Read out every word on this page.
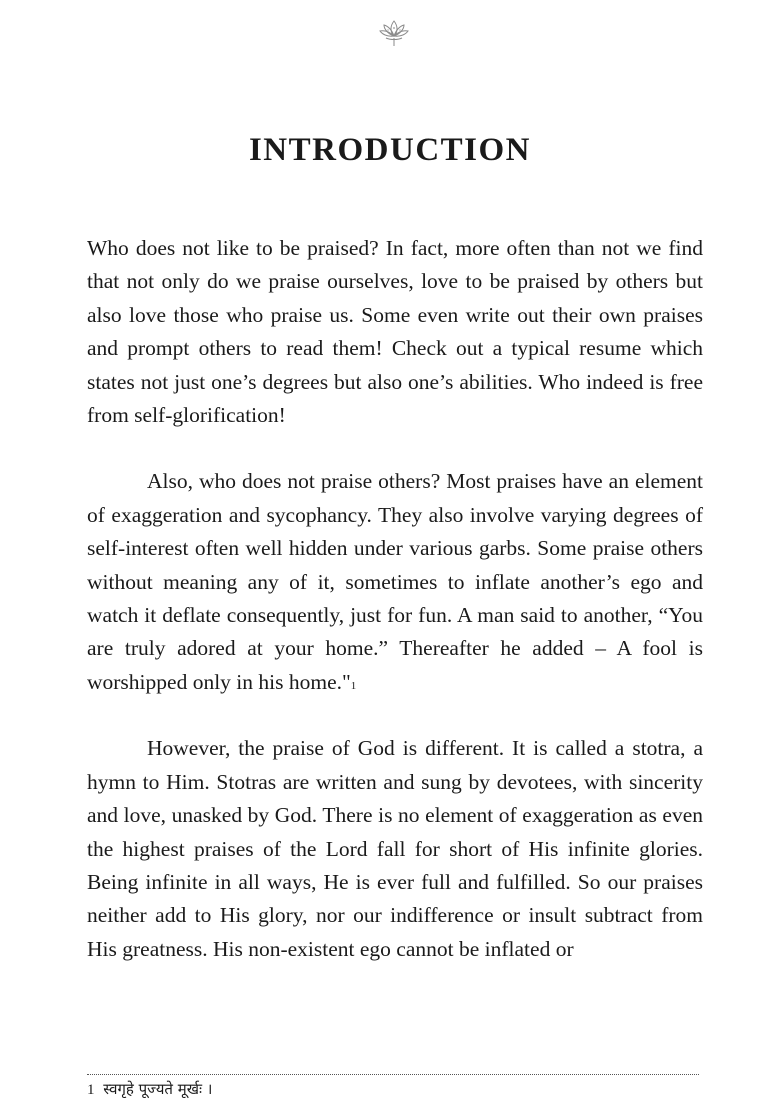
INTRODUCTION

Who does not like to be praised? In fact, more often than not we find that not only do we praise ourselves, love to be praised by others but also love those who praise us. Some even write out their own praises and prompt others to read them! Check out a typical resume which states not just one’s degrees but also one’s abilities. Who indeed is free from self-glorification!

Also, who does not praise others? Most praises have an element of exaggeration and sycophancy. They also involve varying degrees of self-interest often well hidden under various garbs. Some praise others without meaning any of it, sometimes to inflate another’s ego and watch it deflate consequently, just for fun. A man said to another, “You are truly adored at your home.” Thereafter he added – A fool is worshipped only in his home."$^1$

However, the praise of God is different. It is called a stotra, a hymn to Him. Stotras are written and sung by devotees, with sincerity and love, unasked by God. There is no element of exaggeration as even the highest praises of the Lord fall for short of His infinite glories. Being infinite in all ways, He is ever full and fulfilled. So our praises neither add to His glory, nor our indifference or insult subtract from His greatness. His non-existent ego cannot be inflated or

1 स्वगृहे पूज्यते मूर्खः ।
